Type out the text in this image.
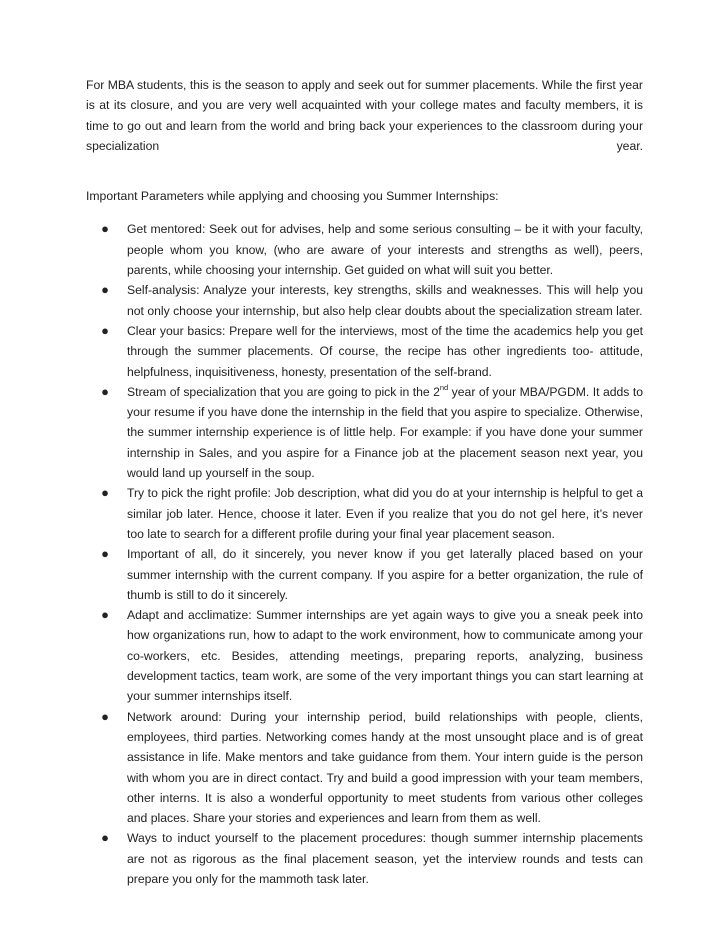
For MBA students, this is the season to apply and seek out for summer placements. While the first year is at its closure, and you are very well acquainted with your college mates and faculty members, it is time to go out and learn from the world and bring back your experiences to the classroom during your specialization year.

Important Parameters while applying and choosing you Summer Internships:

●	Get mentored: Seek out for advises, help and some serious consulting – be it with your faculty, people whom you know, (who are aware of your interests and strengths as well), peers, parents, while choosing your internship. Get guided on what will suit you better.
●	Self-analysis: Analyze your interests, key strengths, skills and weaknesses. This will help you not only choose your internship, but also help clear doubts about the specialization stream later.
●	Clear your basics: Prepare well for the interviews, most of the time the academics help you get through the summer placements. Of course, the recipe has other ingredients too- attitude, helpfulness, inquisitiveness, honesty, presentation of the self-brand.
●	Stream of specialization that you are going to pick in the 2nd year of your MBA/PGDM. It adds to your resume if you have done the internship in the field that you aspire to specialize. Otherwise, the summer internship experience is of little help. For example: if you have done your summer internship in Sales, and you aspire for a Finance job at the placement season next year, you would land up yourself in the soup.
●	Try to pick the right profile: Job description, what did you do at your internship is helpful to get a similar job later. Hence, choose it later. Even if you realize that you do not gel here, it’s never too late to search for a different profile during your final year placement season.
●	Important of all, do it sincerely, you never know if you get laterally placed based on your summer internship with the current company. If you aspire for a better organization, the rule of thumb is still to do it sincerely.
●	Adapt and acclimatize: Summer internships are yet again ways to give you a sneak peek into how organizations run, how to adapt to the work environment, how to communicate among your co-workers, etc. Besides, attending meetings, preparing reports, analyzing, business development tactics, team work, are some of the very important things you can start learning at your summer internships itself.
●	Network around: During your internship period, build relationships with people, clients, employees, third parties. Networking comes handy at the most unsought place and is of great assistance in life. Make mentors and take guidance from them. Your intern guide is the person with whom you are in direct contact. Try and build a good impression with your team members, other interns. It is also a wonderful opportunity to meet students from various other colleges and places. Share your stories and experiences and learn from them as well.
●	Ways to induct yourself to the placement procedures: though summer internship placements are not as rigorous as the final placement season, yet the interview rounds and tests can prepare you only for the mammoth task later.
